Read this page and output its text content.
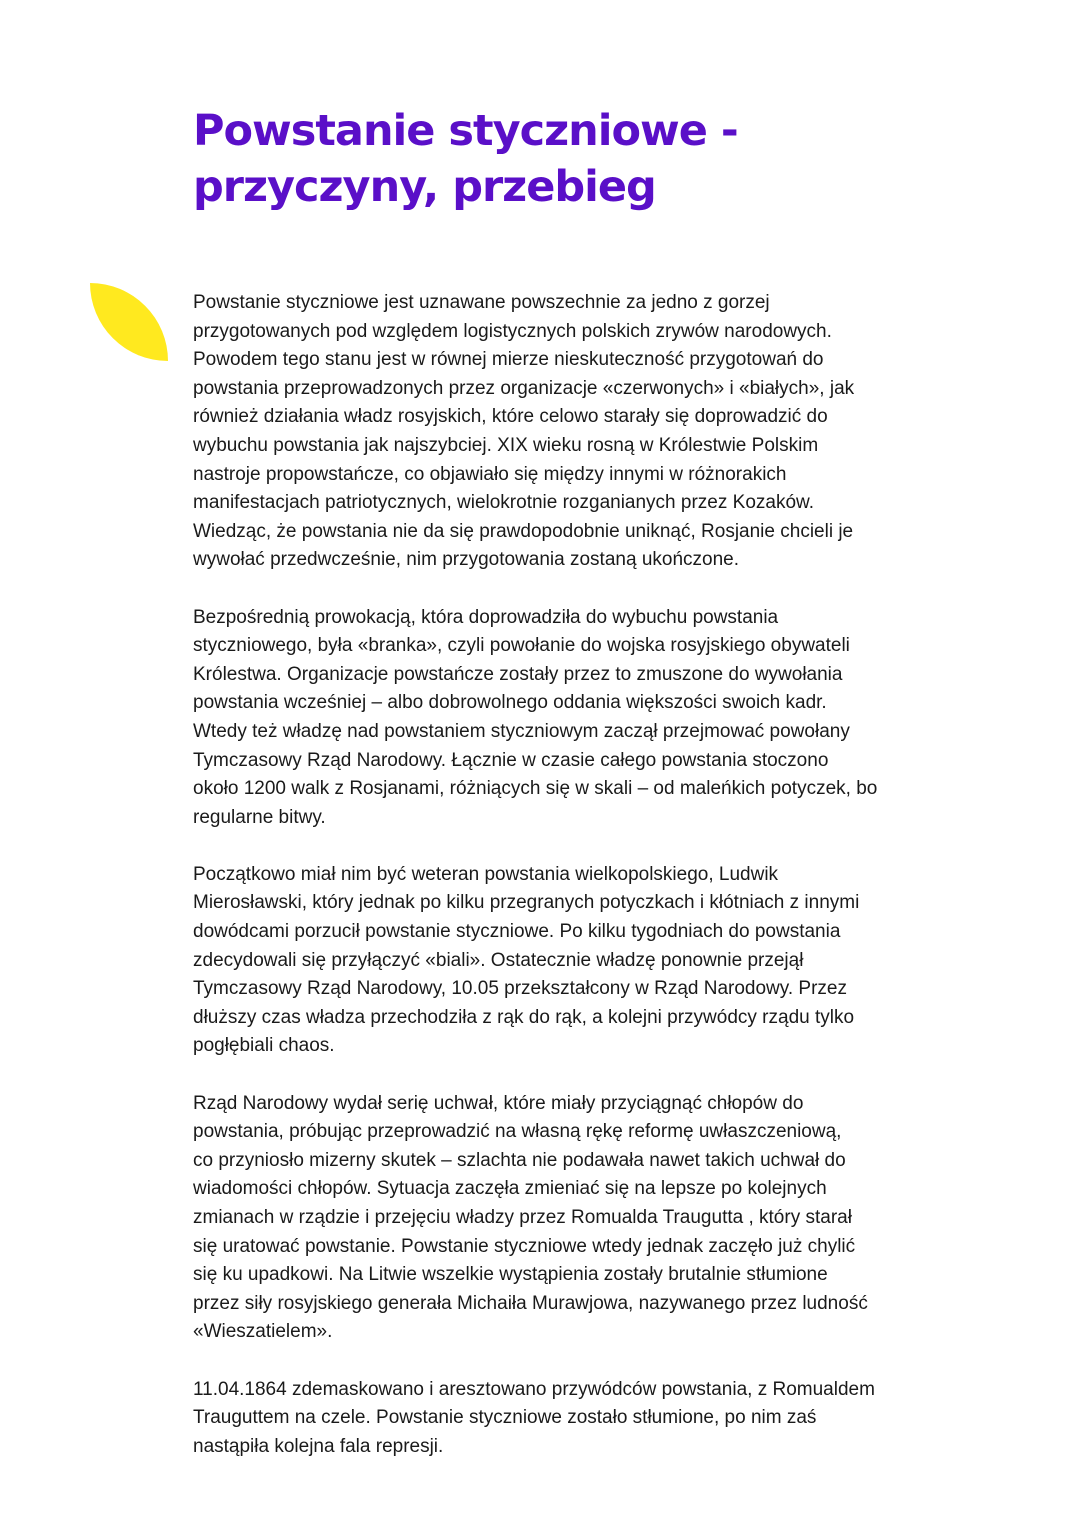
Powstanie styczniowe -
przyczyny, przebieg

Powstanie styczniowe jest uznawane powszechnie za jedno z gorzej
przygotowanych pod względem logistycznych polskich zrywów narodowych.
Powodem tego stanu jest w równej mierze nieskuteczność przygotowań do
powstania przeprowadzonych przez organizacje «czerwonych» i «białych», jak
również działania władz rosyjskich, które celowo starały się doprowadzić do
wybuchu powstania jak najszybciej. XIX wieku rosną w Królestwie Polskim
nastroje propowstańcze, co objawiało się między innymi w różnorakich
manifestacjach patriotycznych, wielokrotnie rozganianych przez Kozaków.
Wiedząc, że powstania nie da się prawdopodobnie uniknąć, Rosjanie chcieli je
wywołać przedwcześnie, nim przygotowania zostaną ukończone.

Bezpośrednią prowokacją, która doprowadziła do wybuchu powstania
styczniowego, była «branka», czyli powołanie do wojska rosyjskiego obywateli
Królestwa. Organizacje powstańcze zostały przez to zmuszone do wywołania
powstania wcześniej – albo dobrowolnego oddania większości swoich kadr.
Wtedy też władzę nad powstaniem styczniowym zaczął przejmować powołany
Tymczasowy Rząd Narodowy. Łącznie w czasie całego powstania stoczono
około 1200 walk z Rosjanami, różniących się w skali – od maleńkich potyczek, bo
regularne bitwy.

Początkowo miał nim być weteran powstania wielkopolskiego, Ludwik
Mierosławski, który jednak po kilku przegranych potyczkach i kłótniach z innymi
dowódcami porzucił powstanie styczniowe. Po kilku tygodniach do powstania
zdecydowali się przyłączyć «biali». Ostatecznie władzę ponownie przejął
Tymczasowy Rząd Narodowy, 10.05 przekształcony w Rząd Narodowy. Przez
dłuższy czas władza przechodziła z rąk do rąk, a kolejni przywódcy rządu tylko
pogłębiali chaos.

Rząd Narodowy wydał serię uchwał, które miały przyciągnąć chłopów do
powstania, próbując przeprowadzić na własną rękę reformę uwłaszczeniową,
co przyniosło mizerny skutek – szlachta nie podawała nawet takich uchwał do
wiadomości chłopów. Sytuacja zaczęła zmieniać się na lepsze po kolejnych
zmianach w rządzie i przejęciu władzy przez Romualda Traugutta , który starał
się uratować powstanie. Powstanie styczniowe wtedy jednak zaczęło już chylić
się ku upadkowi. Na Litwie wszelkie wystąpienia zostały brutalnie stłumione
przez siły rosyjskiego generała Michaiła Murawjowa, nazywanego przez ludność
«Wieszatielem».

11.04.1864 zdemaskowano i aresztowano przywódców powstania, z Romualdem
Trauguttem na czele. Powstanie styczniowe zostało stłumione, po nim zaś
nastąpiła kolejna fala represji.
